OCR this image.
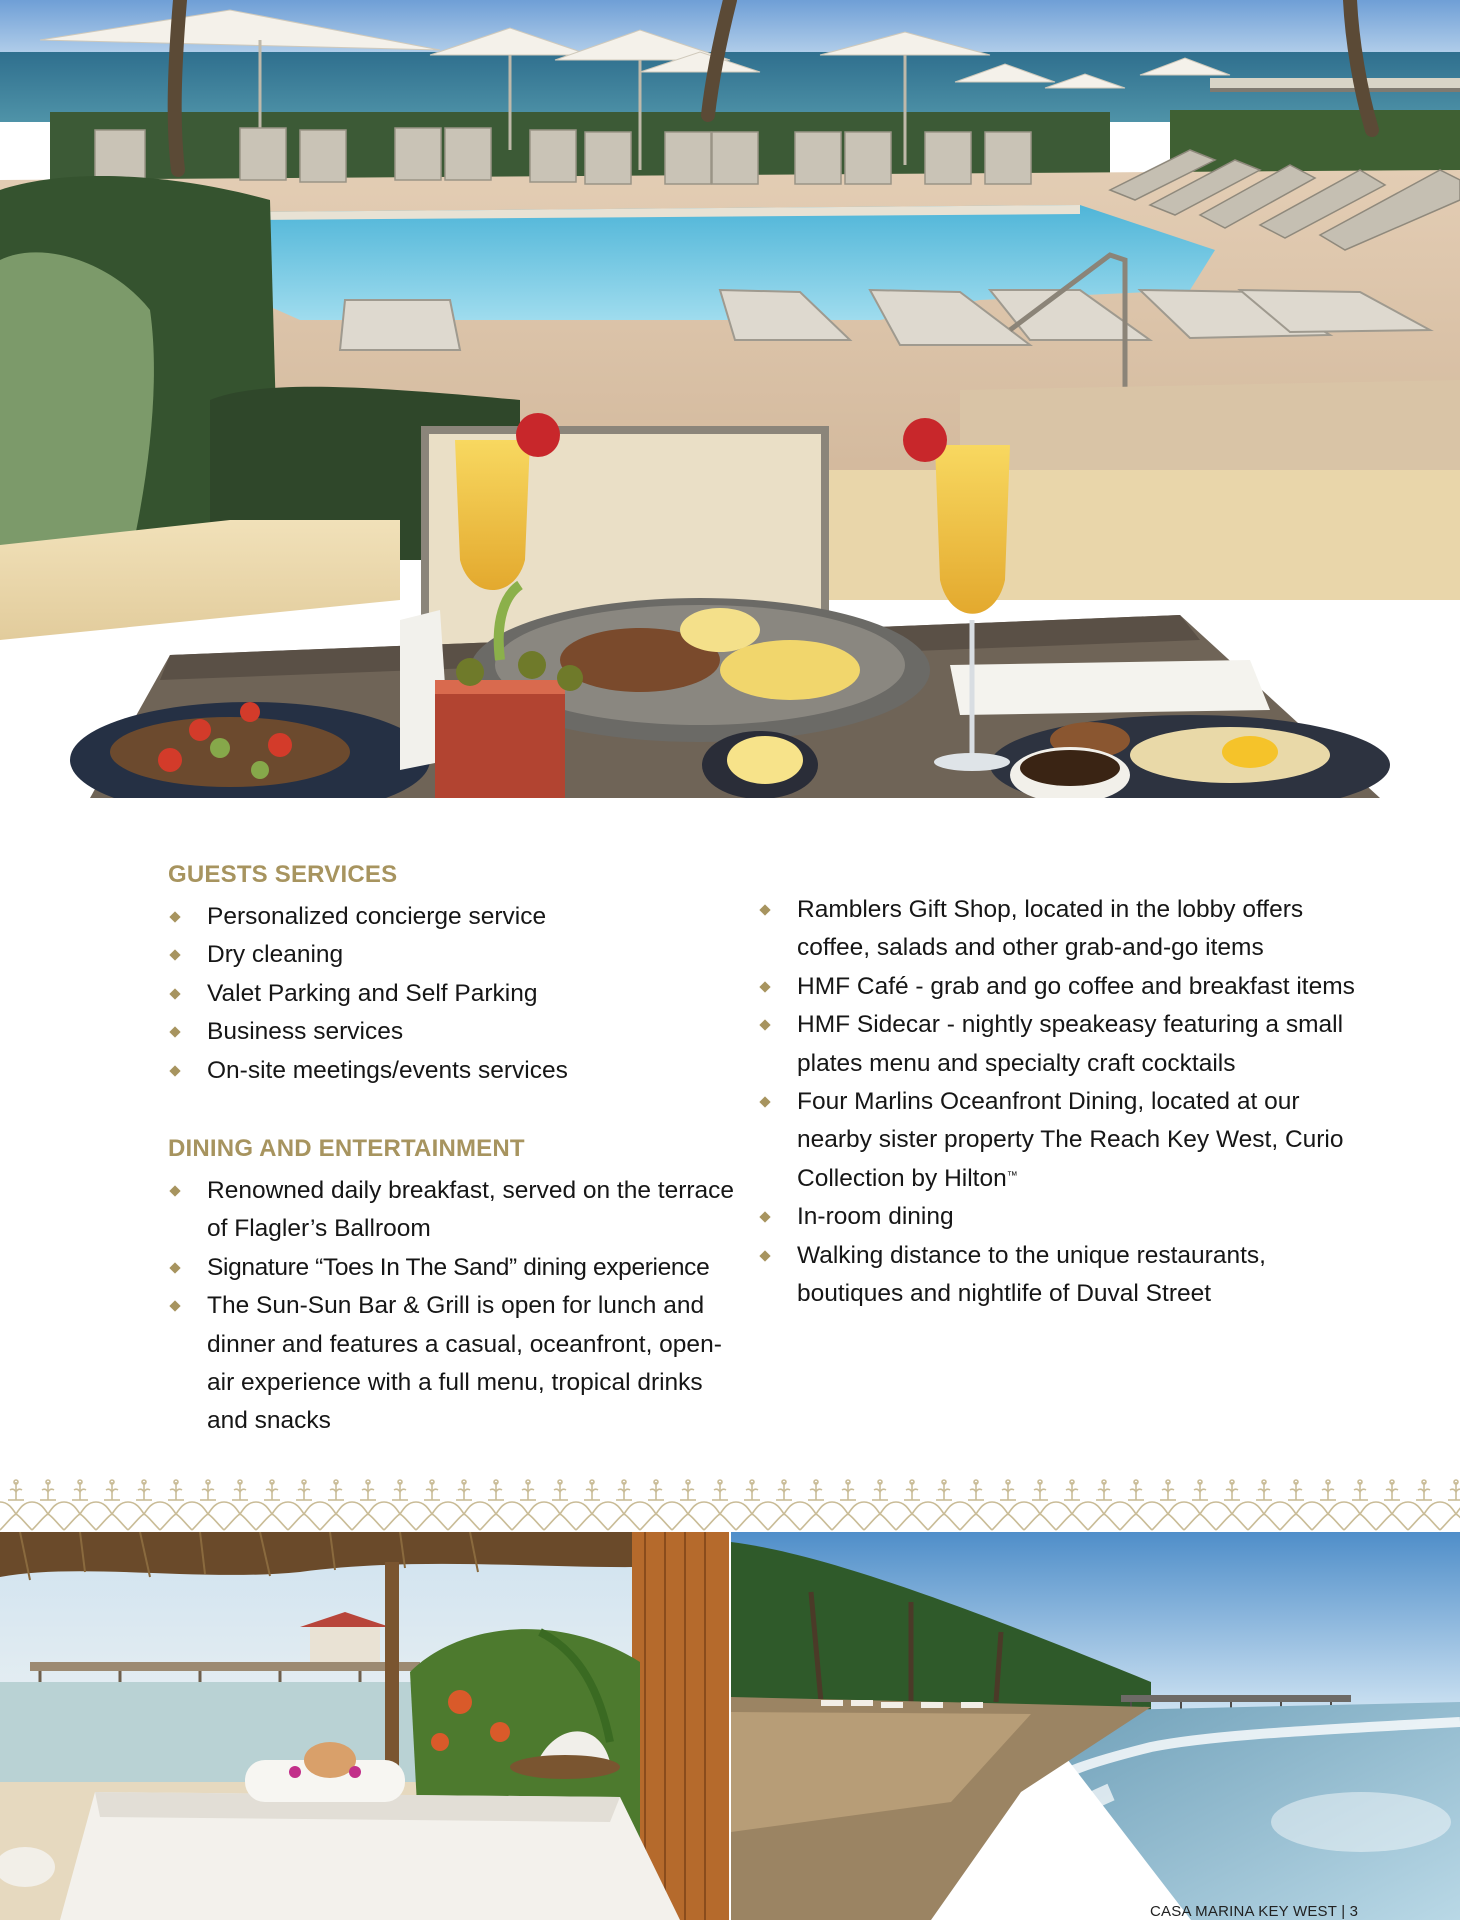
GUESTS SERVICES
Personalized concierge service
Dry cleaning
Valet Parking and Self Parking
Business services
On-site meetings/events services
DINING AND ENTERTAINMENT
Renowned daily breakfast, served on the terrace of Flagler’s Ballroom
Signature “Toes In The Sand” dining experience
The Sun-Sun Bar & Grill is open for lunch and dinner and features a casual, oceanfront, open-air experience with a full menu, tropical drinks and snacks
Ramblers Gift Shop, located in the lobby offers coffee, salads and other grab-and-go items
HMF Café - grab and go coffee and breakfast items
HMF Sidecar - nightly speakeasy featuring a small plates menu and specialty craft cocktails
Four Marlins Oceanfront Dining, located at our nearby sister property The Reach Key West, Curio Collection by Hilton™
In-room dining
Walking distance to the unique restaurants, boutiques and nightlife of Duval Street
CASA MARINA KEY WEST | 3
